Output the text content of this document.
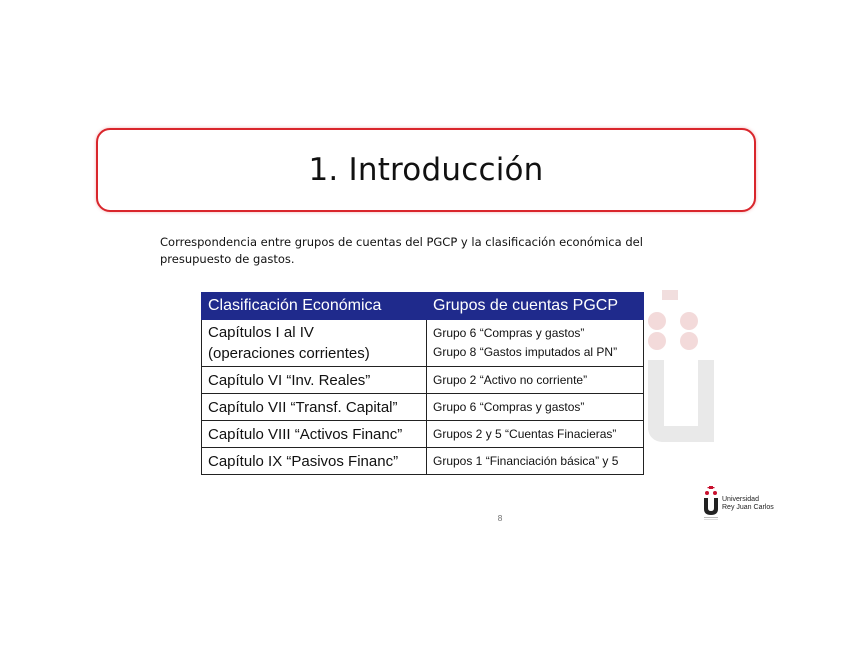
1. Introducción
Correspondencia entre grupos de cuentas del PGCP y la clasificación económica del
presupuesto de gastos.
Clasificación Económica	Grupos de cuentas PGCP

Capítulos I al IV
(operaciones corrientes)	Grupo 6 “Compras y gastos”
Grupo 8 “Gastos imputados al PN”

Capítulo VI “Inv. Reales”	Grupo 2 “Activo no corriente”

Capítulo VII “Transf. Capital”	Grupo 6 “Compras y gastos”

Capítulo VIII “Activos Financ”	Grupos 2 y 5 “Cuentas Finacieras”

Capítulo IX “Pasivos Financ”	Grupos 1 “Financiación básica” y 5
8
Universidad
Rey Juan Carlos
